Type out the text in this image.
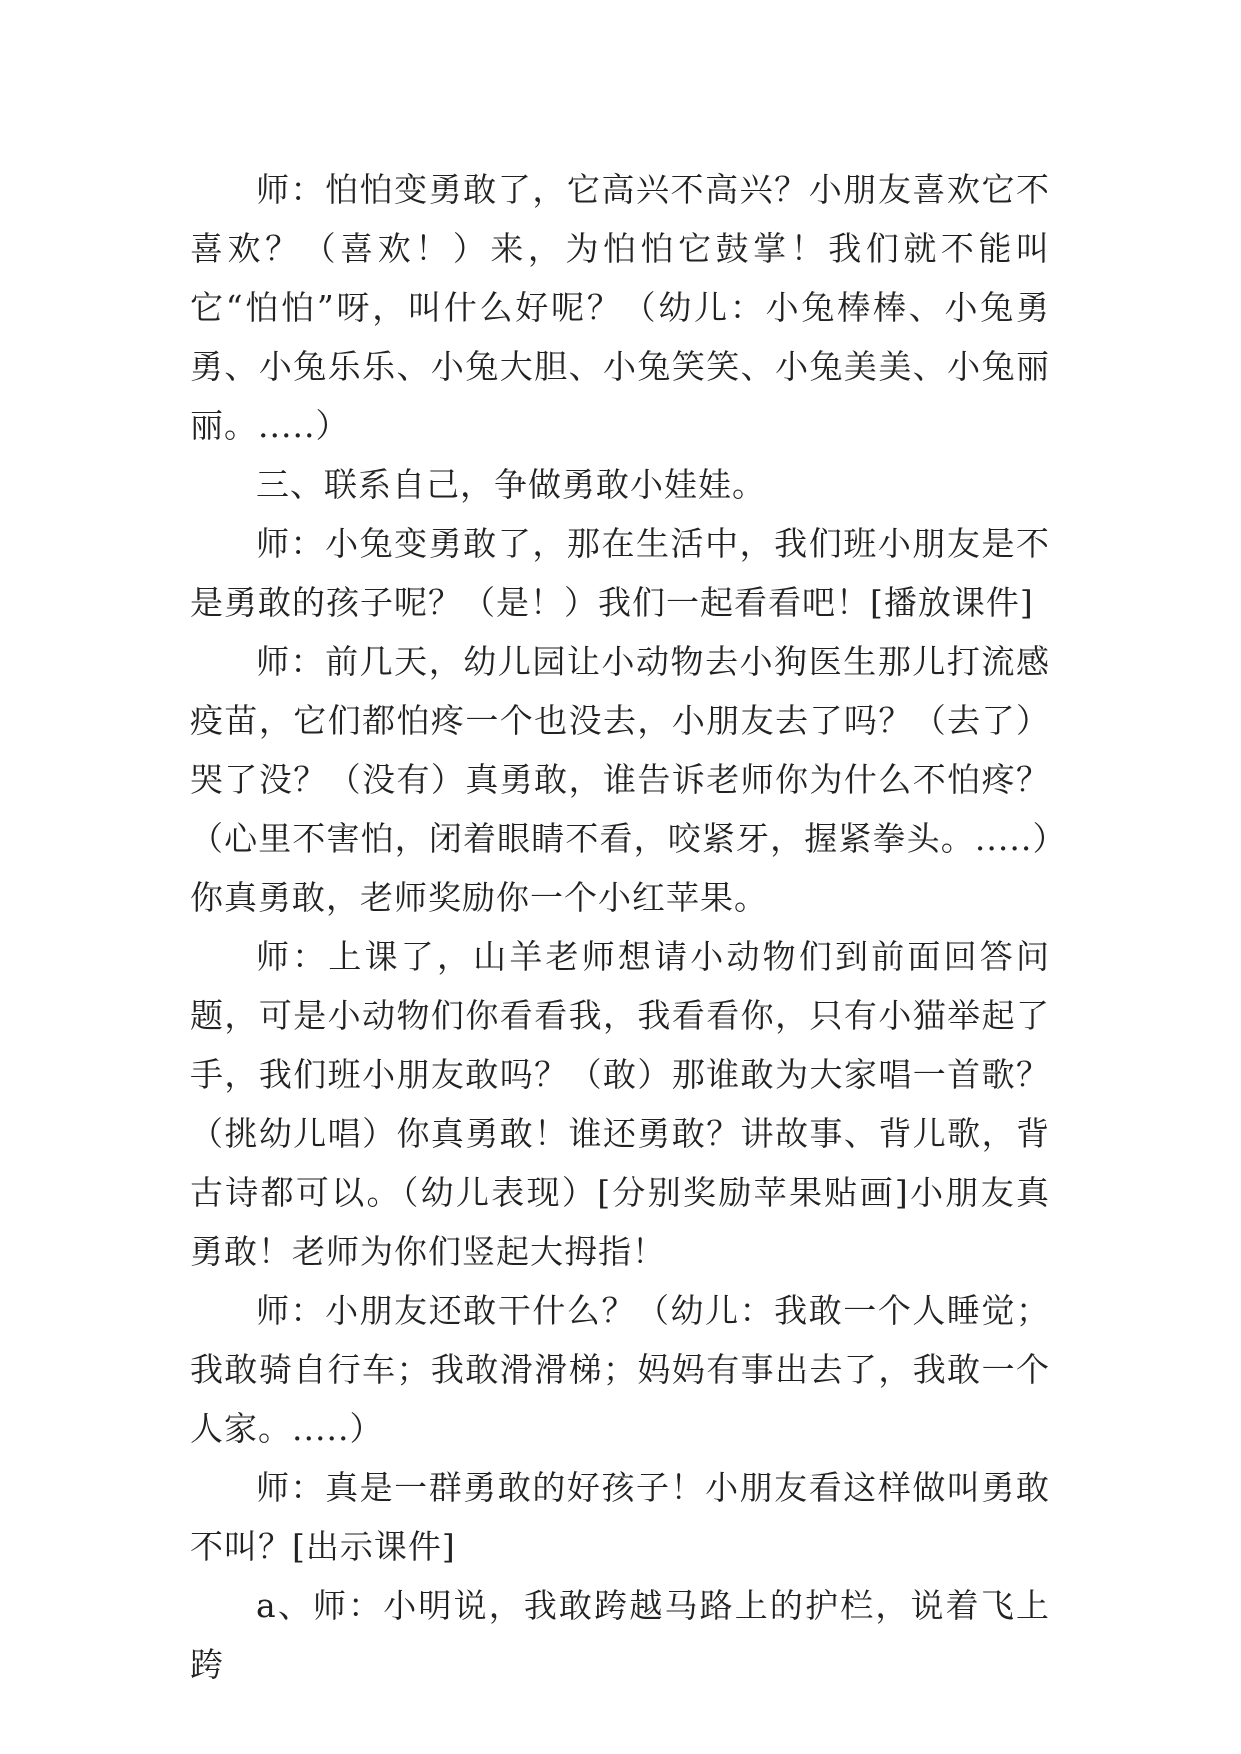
师：怕怕变勇敢了，它高兴不高兴？小朋友喜欢它不喜欢？（喜欢！）来，为怕怕它鼓掌！我们就不能叫它“怕怕”呀，叫什么好呢？（幼儿：小兔棒棒、小兔勇勇、小兔乐乐、小兔大胆、小兔笑笑、小兔美美、小兔丽丽。.....）

三、联系自己，争做勇敢小娃娃。

师：小兔变勇敢了，那在生活中，我们班小朋友是不是勇敢的孩子呢？（是！）我们一起看看吧！[播放课件]

师：前几天，幼儿园让小动物去小狗医生那儿打流感疫苗，它们都怕疼一个也没去，小朋友去了吗？（去了）哭了没？（没有）真勇敢，谁告诉老师你为什么不怕疼？（心里不害怕，闭着眼睛不看，咬紧牙，握紧拳头。.....）你真勇敢，老师奖励你一个小红苹果。

师：上课了，山羊老师想请小动物们到前面回答问题，可是小动物们你看看我，我看看你，只有小猫举起了手，我们班小朋友敢吗？（敢）那谁敢为大家唱一首歌？（挑幼儿唱）你真勇敢！谁还勇敢？讲故事、背儿歌，背古诗都可以。（幼儿表现）[分别奖励苹果贴画]小朋友真勇敢！老师为你们竖起大拇指！

师：小朋友还敢干什么？（幼儿：我敢一个人睡觉；我敢骑自行车；我敢滑滑梯；妈妈有事出去了，我敢一个人家。.....）

师：真是一群勇敢的好孩子！小朋友看这样做叫勇敢不叫？[出示课件]

a、师：小明说，我敢跨越马路上的护栏，说着飞上跨
